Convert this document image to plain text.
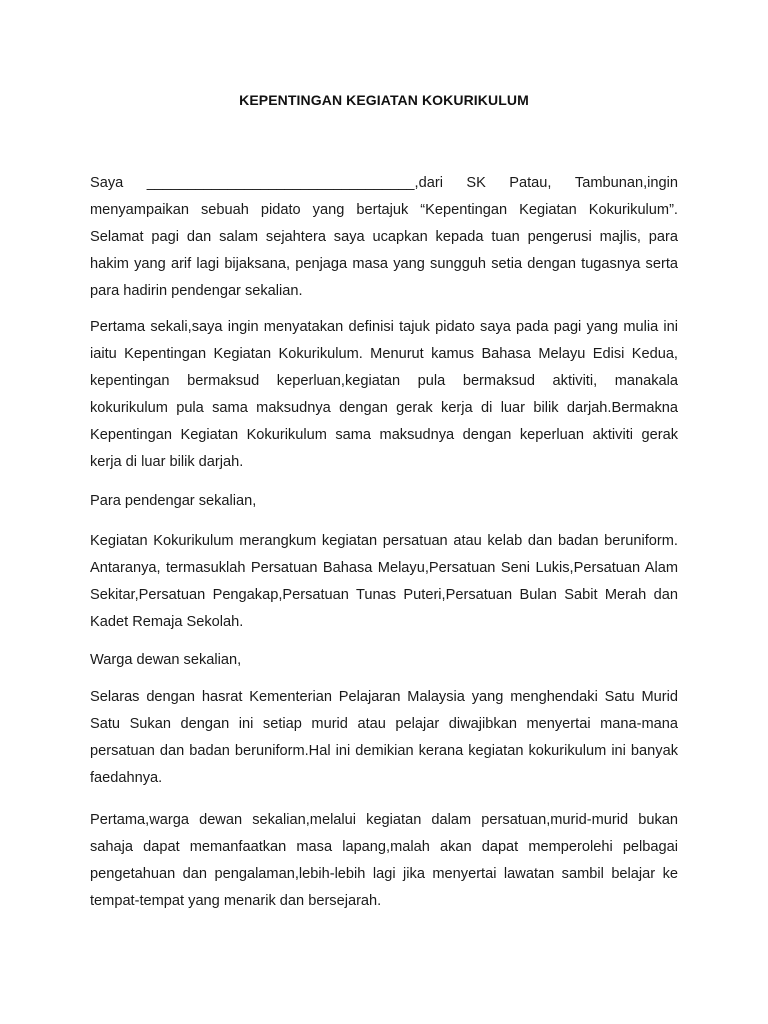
KEPENTINGAN KEGIATAN KOKURIKULUM
Saya _________________________________,dari SK Patau, Tambunan,ingin
menyampaikan sebuah pidato yang bertajuk “Kepentingan Kegiatan Kokurikulum”. Selamat pagi dan salam sejahtera saya ucapkan kepada tuan pengerusi majlis, para hakim yang arif lagi bijaksana, penjaga masa yang sungguh setia dengan tugasnya serta para hadirin pendengar sekalian.
Pertama sekali,saya ingin menyatakan definisi tajuk pidato saya pada pagi yang mulia ini iaitu Kepentingan Kegiatan Kokurikulum. Menurut kamus Bahasa Melayu Edisi Kedua, kepentingan bermaksud keperluan,kegiatan pula bermaksud aktiviti, manakala kokurikulum pula sama maksudnya dengan gerak kerja di luar bilik darjah.Bermakna Kepentingan Kegiatan Kokurikulum sama maksudnya dengan keperluan aktiviti gerak kerja di luar bilik darjah.
Para pendengar sekalian,
Kegiatan Kokurikulum merangkum kegiatan persatuan atau kelab dan badan beruniform. Antaranya, termasuklah Persatuan Bahasa Melayu,Persatuan Seni Lukis,Persatuan Alam Sekitar,Persatuan Pengakap,Persatuan Tunas Puteri,Persatuan Bulan Sabit Merah dan Kadet Remaja Sekolah.
Warga dewan sekalian,
Selaras dengan hasrat Kementerian Pelajaran Malaysia yang menghendaki Satu Murid Satu Sukan dengan ini setiap murid atau pelajar diwajibkan menyertai mana-mana persatuan dan badan beruniform.Hal ini demikian kerana kegiatan kokurikulum ini banyak faedahnya.
Pertama,warga dewan sekalian,melalui kegiatan dalam persatuan,murid-murid bukan sahaja dapat memanfaatkan masa lapang,malah akan dapat memperolehi pelbagai pengetahuan dan pengalaman,lebih-lebih lagi jika menyertai lawatan sambil belajar ke tempat-tempat yang menarik dan bersejarah.
